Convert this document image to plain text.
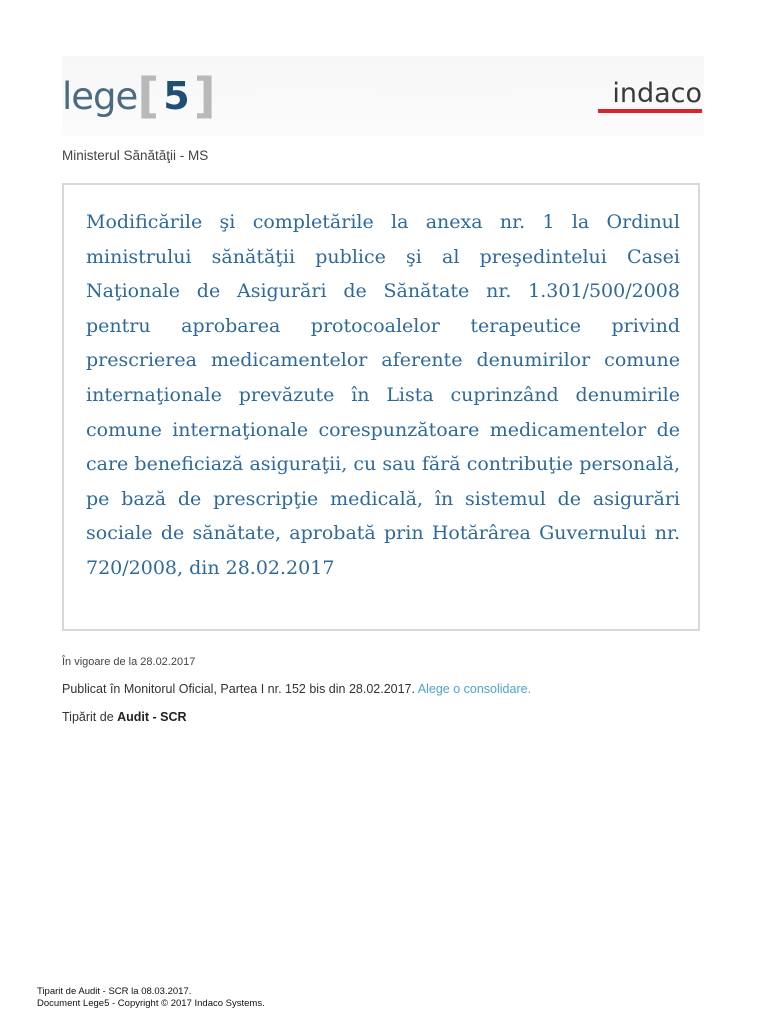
lege [ 5 ]	indaco
Ministerul Sănătăţii - MS

Modificările şi completările la anexa nr. 1 la Ordinul ministrului sănătăţii publice şi al preşedintelui Casei Naţionale de Asigurări de Sănătate nr. 1.301/500/2008 pentru aprobarea protocoalelor terapeutice privind prescrierea medicamentelor aferente denumirilor comune internaţionale prevăzute în Lista cuprinzând denumirile comune internaţionale corespunzătoare medicamentelor de care beneficiază asiguraţii, cu sau fără contribuţie personală, pe bază de prescripţie medicală, în sistemul de asigurări sociale de sănătate, aprobată prin Hotărârea Guvernului nr. 720/2008, din 28.02.2017

În vigoare de la 28.02.2017
Publicat în Monitorul Oficial, Partea I nr. 152 bis din 28.02.2017. Alege o consolidare.
Tipărit de Audit - SCR
Tiparit de Audit - SCR la 08.03.2017.
Document Lege5 - Copyright © 2017 Indaco Systems.
